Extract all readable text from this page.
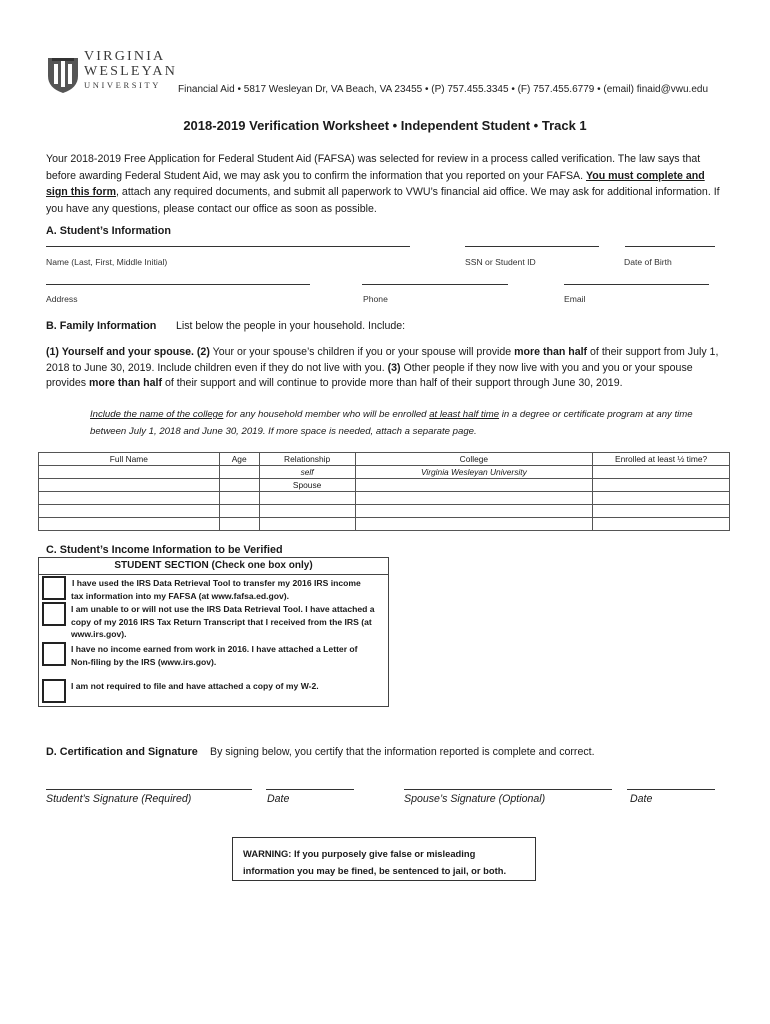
VIRGINIA
WESLEYAN
UNIVERSITY	Financial Aid • 5817 Wesleyan Dr, VA Beach, VA 23455 • (P) 757.455.3345 • (F) 757.455.6779 • (email) finaid@vwu.edu
2018-2019 Verification Worksheet • Independent Student • Track 1
Your 2018-2019 Free Application for Federal Student Aid (FAFSA) was selected for review in a process called verification. The law says that before awarding Federal Student Aid, we may ask you to confirm the information that you reported on your FAFSA. You must complete and sign this form, attach any required documents, and submit all paperwork to VWU’s financial aid office. We may ask for additional information. If you have any questions, please contact our office as soon as possible.
A. Student’s Information
Name (Last, First, Middle Initial)	SSN or Student ID	Date of Birth
Address	Phone	Email
B. Family Information List below the people in your household. Include:
(1) Yourself and your spouse. (2) Your or your spouse’s children if you or your spouse will provide more than half of their support from July 1, 2018 to June 30, 2019. Include children even if they do not live with you. (3) Other people if they now live with you and you or your spouse provides more than half of their support and will continue to provide more than half of their support through June 30, 2019.
Include the name of the college for any household member who will be enrolled at least half time in a degree or certificate program at any time between July 1, 2018 and June 30, 2019. If more space is needed, attach a separate page.
Full Name	Age	Relationship	College	Enrolled at least ½ time?
		self	Virginia Wesleyan University	
		Spouse		

C. Student’s Income Information to be Verified
STUDENT SECTION (Check one box only)
I have used the IRS Data Retrieval Tool to transfer my 2016 IRS income tax information into my FAFSA (at www.fafsa.ed.gov).
I am unable to or will not use the IRS Data Retrieval Tool. I have attached a copy of my 2016 IRS Tax Return Transcript that I received from the IRS (at www.irs.gov).
I have no income earned from work in 2016. I have attached a Letter of Non-filing by the IRS (www.irs.gov).
I am not required to file and have attached a copy of my W-2.
D. Certification and Signature By signing below, you certify that the information reported is complete and correct.
Student’s Signature (Required)	Date	Spouse’s Signature (Optional)	Date
WARNING: If you purposely give false or misleading information you may be fined, be sentenced to jail, or both.
